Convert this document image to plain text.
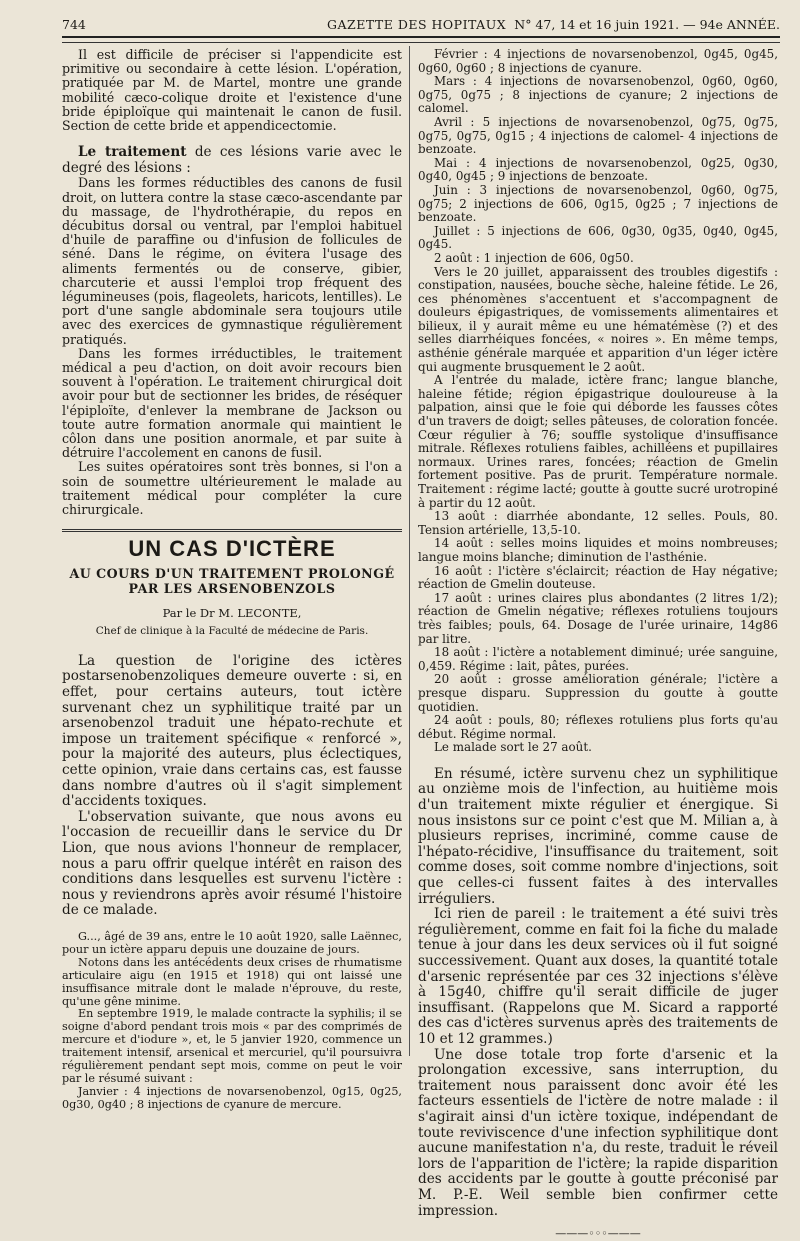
744	GAZETTE DES HOPITAUX N° 47, 14 et 16 juin 1921. — 94e ANNÉE.

Il est difficile de préciser si l'appendicite est primitive ou secondaire à cette lésion. L'opération, pratiquée par M. de Martel, montre une grande mobilité cæco-colique droite et l'existence d'une bride épiploïque qui maintenait le canon de fusil. Section de cette bride et appendicectomie.

Le traitement de ces lésions varie avec le degré des lésions :

Dans les formes réductibles des canons de fusil droit, on luttera contre la stase cæco-ascendante par du massage, de l'hydrothérapie, du repos en décubitus dorsal ou ventral, par l'emploi habituel d'huile de paraffine ou d'infusion de follicules de séné. Dans le régime, on évitera l'usage des aliments fermentés ou de conserve, gibier, charcuterie et aussi l'emploi trop fréquent des légumineuses (pois, flageolets, haricots, lentilles). Le port d'une sangle abdominale sera toujours utile avec des exercices de gymnastique régulièrement pratiqués.

Dans les formes irréductibles, le traitement médical a peu d'action, on doit avoir recours bien souvent à l'opération. Le traitement chirurgical doit avoir pour but de sectionner les brides, de réséquer l'épiploïte, d'enlever la membrane de Jackson ou toute autre formation anormale qui maintient le côlon dans une position anormale, et par suite à détruire l'accolement en canons de fusil.

Les suites opératoires sont très bonnes, si l'on a soin de soumettre ultérieurement le malade au traitement médical pour compléter la cure chirurgicale.

UN CAS D'ICTÈRE
AU COURS D'UN TRAITEMENT PROLONGÉ
PAR LES ARSENOBENZOLS
Par le Dr M. LECONTE,
Chef de clinique à la Faculté de médecine de Paris.

La question de l'origine des ictères postarsenobenzoliques demeure ouverte : si, en effet, pour certains auteurs, tout ictère survenant chez un syphilitique traité par un arsenobenzol traduit une hépato-rechute et impose un traitement spécifique « renforcé », pour la majorité des auteurs, plus éclectiques, cette opinion, vraie dans certains cas, est fausse dans nombre d'autres où il s'agit simplement d'accidents toxiques.

L'observation suivante, que nous avons eu l'occasion de recueillir dans le service du Dr Lion, que nous avions l'honneur de remplacer, nous a paru offrir quelque intérêt en raison des conditions dans lesquelles est survenu l'ictère : nous y reviendrons après avoir résumé l'histoire de ce malade.

G..., âgé de 39 ans, entre le 10 août 1920, salle Laënnec, pour un ictère apparu depuis une douzaine de jours.

Notons dans les antécédents deux crises de rhumatisme articulaire aigu (en 1915 et 1918) qui ont laissé une insuffisance mitrale dont le malade n'éprouve, du reste, qu'une gêne minime.

En septembre 1919, le malade contracte la syphilis; il se soigne d'abord pendant trois mois « par des comprimés de mercure et d'iodure », et, le 5 janvier 1920, commence un traitement intensif, arsenical et mercuriel, qu'il poursuivra régulièrement pendant sept mois, comme on peut le voir par le résumé suivant :

Janvier : 4 injections de novarsenobenzol, 0g15, 0g25, 0g30, 0g40 ; 8 injections de cyanure de mercure.

Février : 4 injections de novarsenobenzol, 0g45, 0g45, 0g60, 0g60 ; 8 injections de cyanure.

Mars : 4 injections de novarsenobenzol, 0g60, 0g60, 0g75, 0g75 ; 8 injections de cyanure; 2 injections de calomel.

Avril : 5 injections de novarsenobenzol, 0g75, 0g75, 0g75, 0g75, 0g15 ; 4 injections de calomel- 4 injections de benzoate.

Mai : 4 injections de novarsenobenzol, 0g25, 0g30, 0g40, 0g45 ; 9 injections de benzoate.

Juin : 3 injections de novarsenobenzol, 0g60, 0g75, 0g75; 2 injections de 606, 0g15, 0g25 ; 7 injections de benzoate.

Juillet : 5 injections de 606, 0g30, 0g35, 0g40, 0g45, 0g45.

2 août : 1 injection de 606, 0g50.

Vers le 20 juillet, apparaissent des troubles digestifs : constipation, nausées, bouche sèche, haleine fétide. Le 26, ces phénomènes s'accentuent et s'accompagnent de douleurs épigastriques, de vomissements alimentaires et bilieux, il y aurait même eu une hématémèse (?) et des selles diarrhéiques foncées, « noires ». En même temps, asthénie générale marquée et apparition d'un léger ictère qui augmente brusquement le 2 août.

A l'entrée du malade, ictère franc; langue blanche, haleine fétide; région épigastrique douloureuse à la palpation, ainsi que le foie qui déborde les fausses côtes d'un travers de doigt; selles pâteuses, de coloration foncée. Cœur régulier à 76; souffle systolique d'insuffisance mitrale. Réflexes rotuliens faibles, achilléens et pupillaires normaux. Urines rares, foncées; réaction de Gmelin fortement positive. Pas de prurit. Température normale. Traitement : régime lacté; goutte à goutte sucré urotropiné à partir du 12 août.

13 août : diarrhée abondante, 12 selles. Pouls, 80. Tension artérielle, 13,5-10.

14 août : selles moins liquides et moins nombreuses; langue moins blanche; diminution de l'asthénie.

16 août : l'ictère s'éclaircit; réaction de Hay négative; réaction de Gmelin douteuse.

17 août : urines claires plus abondantes (2 litres 1/2); réaction de Gmelin négative; réflexes rotuliens toujours très faibles; pouls, 64. Dosage de l'urée urinaire, 14g86 par litre.

18 août : l'ictère a notablement diminué; urée sanguine, 0,459. Régime : lait, pâtes, purées.

20 août : grosse amélioration générale; l'ictère a presque disparu. Suppression du goutte à goutte quotidien.

24 août : pouls, 80; réflexes rotuliens plus forts qu'au début. Régime normal.

Le malade sort le 27 août.

En résumé, ictère survenu chez un syphilitique au onzième mois de l'infection, au huitième mois d'un traitement mixte régulier et énergique. Si nous insistons sur ce point c'est que M. Milian a, à plusieurs reprises, incriminé, comme cause de l'hépato-récidive, l'insuffisance du traitement, soit comme doses, soit comme nombre d'injections, soit que celles-ci fussent faites à des intervalles irréguliers.

Ici rien de pareil : le traitement a été suivi très régulièrement, comme en fait foi la fiche du malade tenue à jour dans les deux services où il fut soigné successivement. Quant aux doses, la quantité totale d'arsenic représentée par ces 32 injections s'élève à 15g40, chiffre qu'il serait difficile de juger insuffisant. (Rappelons que M. Sicard a rapporté des cas d'ictères survenus après des traitements de 10 et 12 grammes.)

Une dose totale trop forte d'arsenic et la prolongation excessive, sans interruption, du traitement nous paraissent donc avoir été les facteurs essentiels de l'ictère de notre malade : il s'agirait ainsi d'un ictère toxique, indépendant de toute reviviscence d'une infection syphilitique dont aucune manifestation n'a, du reste, traduit le réveil lors de l'apparition de l'ictère; la rapide disparition des accidents par le goutte à goutte préconisé par M. P.-E. Weil semble bien confirmer cette impression.

———◦◦◦———
